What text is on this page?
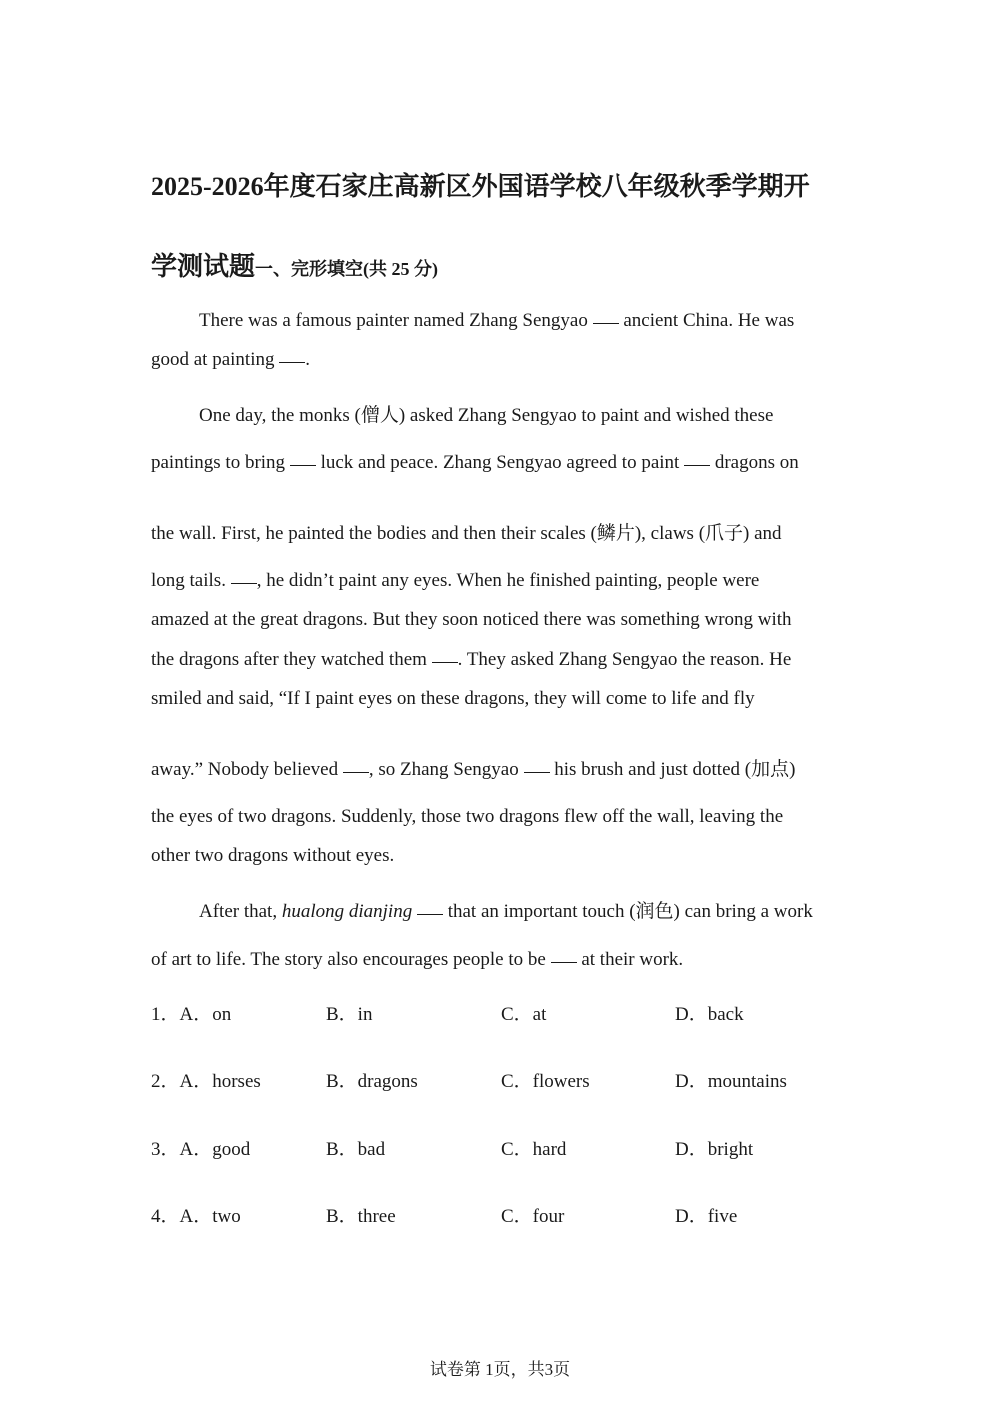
2025-2026年度石家庄高新区外国语学校八年级秋季学期开
学测试题一、完形填空(共 25 分)
There was a famous painter named Zhang Sengyao  ancient China. He was
good at painting .
One day, the monks (僧人) asked Zhang Sengyao to paint and wished these
paintings to bring  luck and peace. Zhang Sengyao agreed to paint  dragons on
the wall. First, he painted the bodies and then their scales (鳞片), claws (爪子) and
long tails. , he didn’t paint any eyes. When he finished painting, people were
amazed at the great dragons. But they soon noticed there was something wrong with
the dragons after they watched them . They asked Zhang Sengyao the reason. He
smiled and said, “If I paint eyes on these dragons, they will come to life and fly
away.” Nobody believed , so Zhang Sengyao  his brush and just dotted (加点)
the eyes of two dragons. Suddenly, those two dragons flew off the wall, leaving the
other two dragons without eyes.
After that, hualong dianjing  that an important touch (润色) can bring a work
of art to life. The story also encourages people to be  at their work.
1．A．on	B．in	C．at	D．back
2．A．horses	B．dragons	C．flowers	D．mountains
3．A．good	B．bad	C．hard	D．bright
4．A．two	B．three	C．four	D．five
试卷第 1页，共3页
